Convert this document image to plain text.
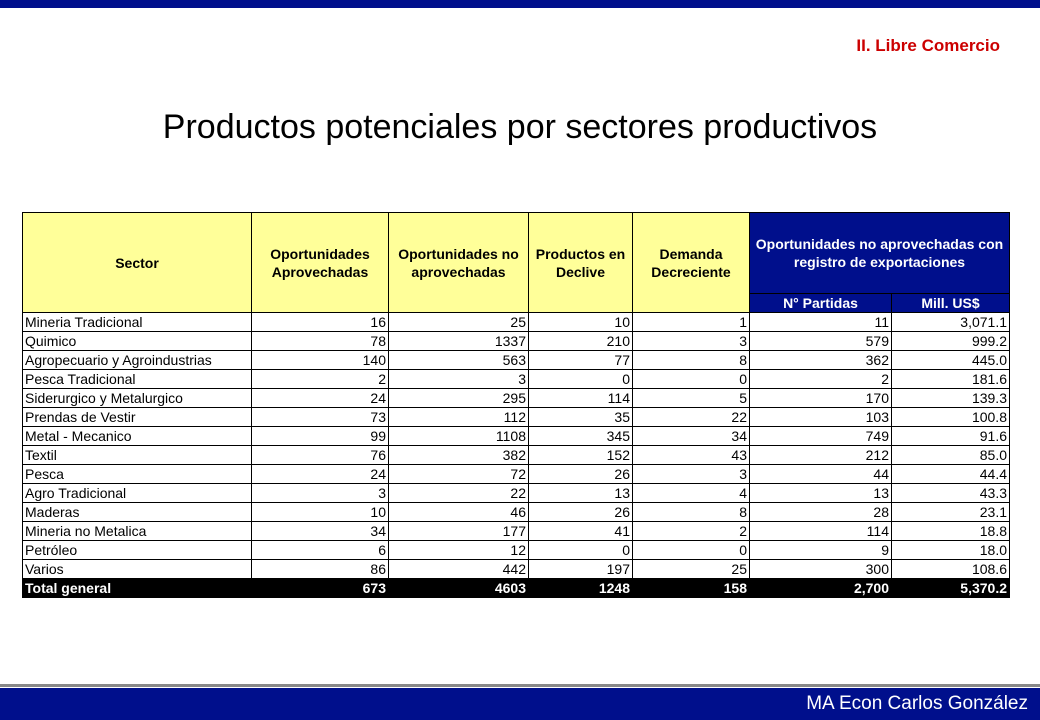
II. Libre Comercio
Productos potenciales por sectores productivos
Sector	Oportunidades Aprovechadas	Oportunidades no aprovechadas	Productos en Declive	Demanda Decreciente	Oportunidades no aprovechadas con registro de exportaciones	
					N° Partidas	Mill. US$
Mineria Tradicional	16	25	10	1	11	3,071.1
Quimico	78	1337	210	3	579	999.2
Agropecuario y Agroindustrias	140	563	77	8	362	445.0
Pesca Tradicional	2	3	0	0	2	181.6
Siderurgico y Metalurgico	24	295	114	5	170	139.3
Prendas de Vestir	73	112	35	22	103	100.8
Metal - Mecanico	99	1108	345	34	749	91.6
Textil	76	382	152	43	212	85.0
Pesca	24	72	26	3	44	44.4
Agro Tradicional	3	22	13	4	13	43.3
Maderas	10	46	26	8	28	23.1
Mineria no Metalica	34	177	41	2	114	18.8
Petróleo	6	12	0	0	9	18.0
Varios	86	442	197	25	300	108.6
Total general	673	4603	1248	158	2,700	5,370.2
MA Econ Carlos González
